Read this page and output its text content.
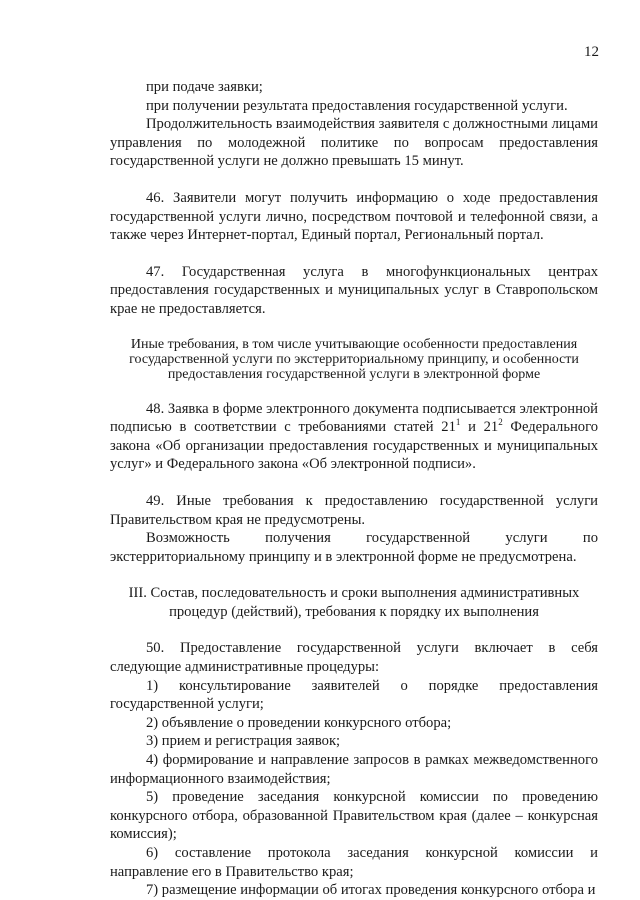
12

при подаче заявки;

при получении результата предоставления государственной услуги.

Продолжительность взаимодействия заявителя с должностными лицами управления по молодежной политике по вопросам предоставления государственной услуги не должно превышать 15 минут.

46. Заявители могут получить информацию о ходе предоставления государственной услуги лично, посредством почтовой и телефонной связи, а также через Интернет-портал, Единый портал, Региональный портал.

47. Государственная услуга в многофункциональных центрах предоставления государственных и муниципальных услуг в Ставропольском крае не предоставляется.

Иные требования, в том числе учитывающие особенности предоставления государственной услуги по экстерриториальному принципу, и особенности предоставления государственной услуги в электронной форме

48. Заявка в форме электронного документа подписывается электронной подписью в соответствии с требованиями статей $21^1$ и $21^2$ Федерального закона «Об организации предоставления государственных и муниципальных услуг» и Федерального закона «Об электронной подписи».

49. Иные требования к предоставлению государственной услуги Правительством края не предусмотрены.

Возможность получения государственной услуги по экстерриториальному принципу и в электронной форме не предусмотрена.

III. Состав, последовательность и сроки выполнения административных

процедур (действий), требования к порядку их выполнения

50. Предоставление государственной услуги включает в себя следующие административные процедуры:

1) консультирование заявителей о порядке предоставления государственной услуги;

2) объявление о проведении конкурсного отбора;

3) прием и регистрация заявок;

4) формирование и направление запросов в рамках межведомственного информационного взаимодействия;

5) проведение заседания конкурсной комиссии по проведению конкурсного отбора, образованной Правительством края (далее – конкурсная комиссия);

6) составление протокола заседания конкурсной комиссии и направление его в Правительство края;

7) размещение информации об итогах проведения конкурсного отбора и
